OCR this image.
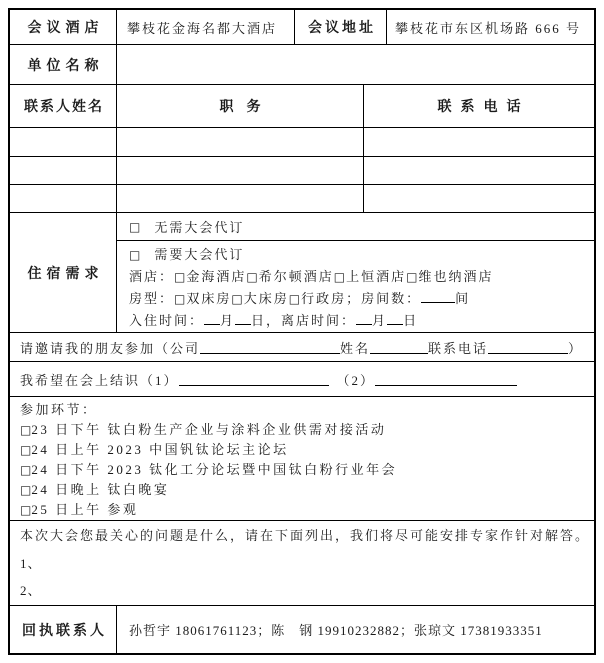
会议酒店	攀枝花金海名都大酒店	会议地址	攀枝花市东区机场路 666 号
单位名称
联系人姓名	职务	联系电话
住宿需求
□ 无需大会代订
□ 需要大会代订
酒店：□金海酒店□希尔顿酒店□上恒酒店□维也纳酒店
房型：□双床房□大床房□行政房；房间数：	间
入住时间： 月 日，离店时间： 月 日
请邀请我的朋友参加（公司	姓名	联系电话	）
我希望在会上结识（1）	（2）
参加环节：
□23 日下午 钛白粉生产企业与涂料企业供需对接活动
□24 日上午 2023 中国钒钛论坛主论坛
□24 日下午 2023 钛化工分论坛暨中国钛白粉行业年会
□24 日晚上 钛白晚宴
□25 日上午 参观
本次大会您最关心的问题是什么，请在下面列出，我们将尽可能安排专家作针对解答。
1、
2、
回执联系人	孙哲宇 18061761123；陈　钢 19910232882；张琼文 17381933351
